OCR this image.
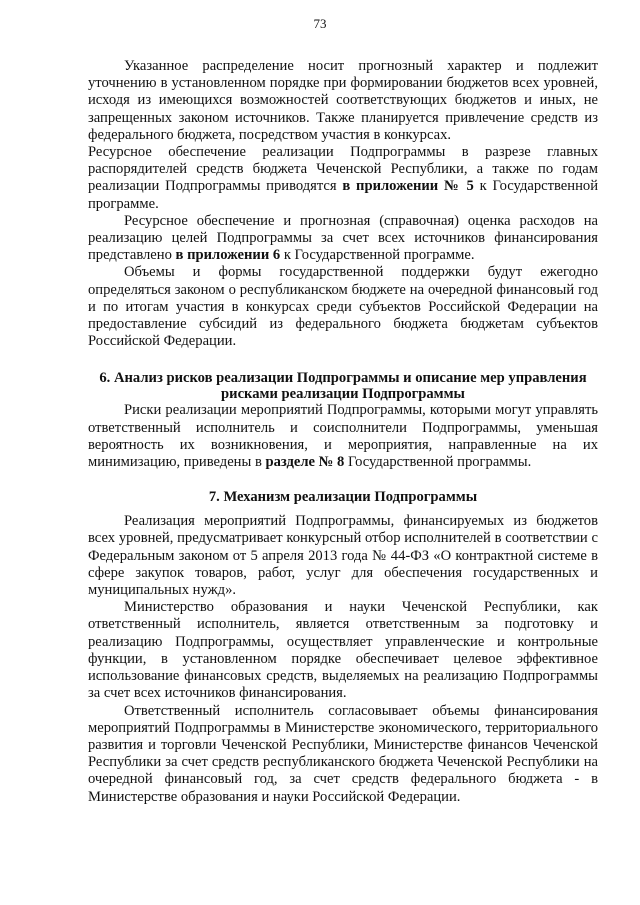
73

Указанное распределение носит прогнозный характер и подлежит уточнению в установленном порядке при формировании бюджетов всех уровней, исходя из имеющихся возможностей соответствующих бюджетов и иных, не запрещенных законом источников. Также планируется привлечение средств из федерального бюджета, посредством участия в конкурсах.

Ресурсное обеспечение реализации Подпрограммы в разрезе главных распорядителей средств бюджета Чеченской Республики, а также по годам реализации Подпрограммы приводятся в приложении № 5 к Государственной программе.

Ресурсное обеспечение и прогнозная (справочная) оценка расходов на реализацию целей Подпрограммы за счет всех источников финансирования представлено в приложении 6 к Государственной программе.

Объемы и формы государственной поддержки будут ежегодно определяться законом о республиканском бюджете на очередной финансовый год и по итогам участия в конкурсах среди субъектов Российской Федерации на предоставление субсидий из федерального бюджета бюджетам субъектов Российской Федерации.

6. Анализ рисков реализации Подпрограммы и описание мер управления рисками реализации Подпрограммы

Риски реализации мероприятий Подпрограммы, которыми могут управлять ответственный исполнитель и соисполнители Подпрограммы, уменьшая вероятность их возникновения, и мероприятия, направленные на их минимизацию, приведены в разделе № 8 Государственной программы.

7. Механизм реализации Подпрограммы

Реализация мероприятий Подпрограммы, финансируемых из бюджетов всех уровней, предусматривает конкурсный отбор исполнителей в соответствии с Федеральным законом от 5 апреля 2013 года № 44-ФЗ «О контрактной системе в сфере закупок товаров, работ, услуг для обеспечения государственных и муниципальных нужд».

Министерство образования и науки Чеченской Республики, как ответственный исполнитель, является ответственным за подготовку и реализацию Подпрограммы, осуществляет управленческие и контрольные функции, в установленном порядке обеспечивает целевое эффективное использование финансовых средств, выделяемых на реализацию Подпрограммы за счет всех источников финансирования.

Ответственный исполнитель согласовывает объемы финансирования мероприятий Подпрограммы в Министерстве экономического, территориального развития и торговли Чеченской Республики, Министерстве финансов Чеченской Республики за счет средств республиканского бюджета Чеченской Республики на очередной финансовый год, за счет средств федерального бюджета - в Министерстве образования и науки Российской Федерации.
